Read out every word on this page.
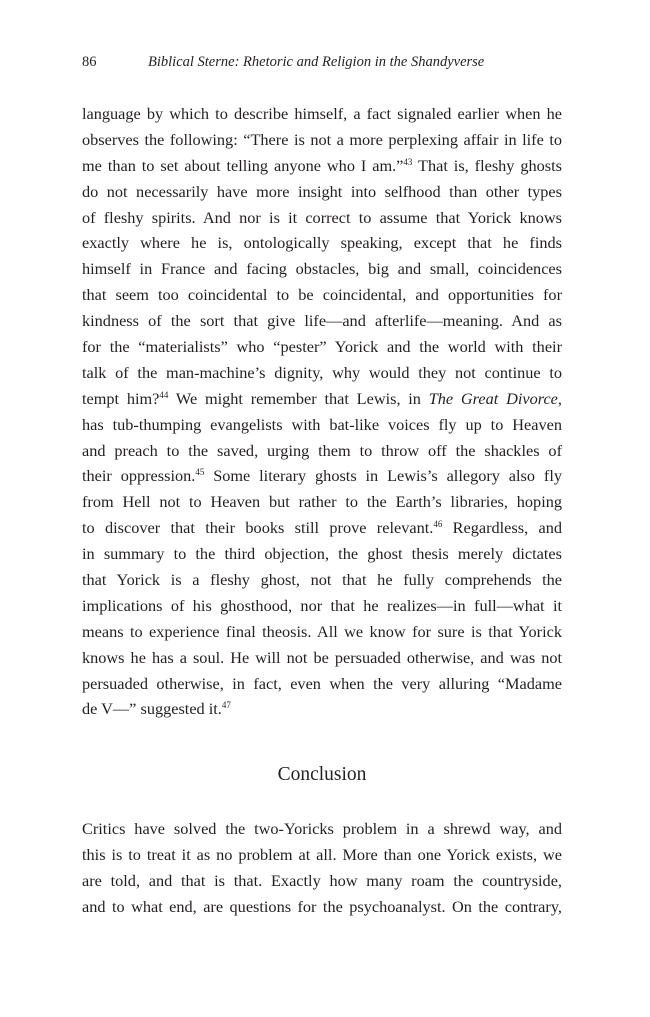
86	Biblical Sterne: Rhetoric and Religion in the Shandyverse
language by which to describe himself, a fact signaled earlier when he
observes the following: “There is not a more perplexing affair in life to
me than to set about telling anyone who I am.”$^{43}$ That is, fleshy ghosts
do not necessarily have more insight into selfhood than other types
of fleshy spirits. And nor is it correct to assume that Yorick knows
exactly where he is, ontologically speaking, except that he finds
himself in France and facing obstacles, big and small, coincidences
that seem too coincidental to be coincidental, and opportunities for
kindness of the sort that give life—and afterlife—meaning. And as
for the “materialists” who “pester” Yorick and the world with their
talk of the man-machine’s dignity, why would they not continue to
tempt him?$^{44}$ We might remember that Lewis, in The Great Divorce,
has tub-thumping evangelists with bat-like voices fly up to Heaven
and preach to the saved, urging them to throw off the shackles of
their oppression.$^{45}$ Some literary ghosts in Lewis’s allegory also fly
from Hell not to Heaven but rather to the Earth’s libraries, hoping
to discover that their books still prove relevant.$^{46}$ Regardless, and
in summary to the third objection, the ghost thesis merely dictates
that Yorick is a fleshy ghost, not that he fully comprehends the
implications of his ghosthood, nor that he realizes—in full—what it
means to experience final theosis. All we know for sure is that Yorick
knows he has a soul. He will not be persuaded otherwise, and was not
persuaded otherwise, in fact, even when the very alluring “Madame
de V—” suggested it.$^{47}$
Conclusion
Critics have solved the two-Yoricks problem in a shrewd way, and
this is to treat it as no problem at all. More than one Yorick exists, we
are told, and that is that. Exactly how many roam the countryside,
and to what end, are questions for the psychoanalyst. On the contrary,
